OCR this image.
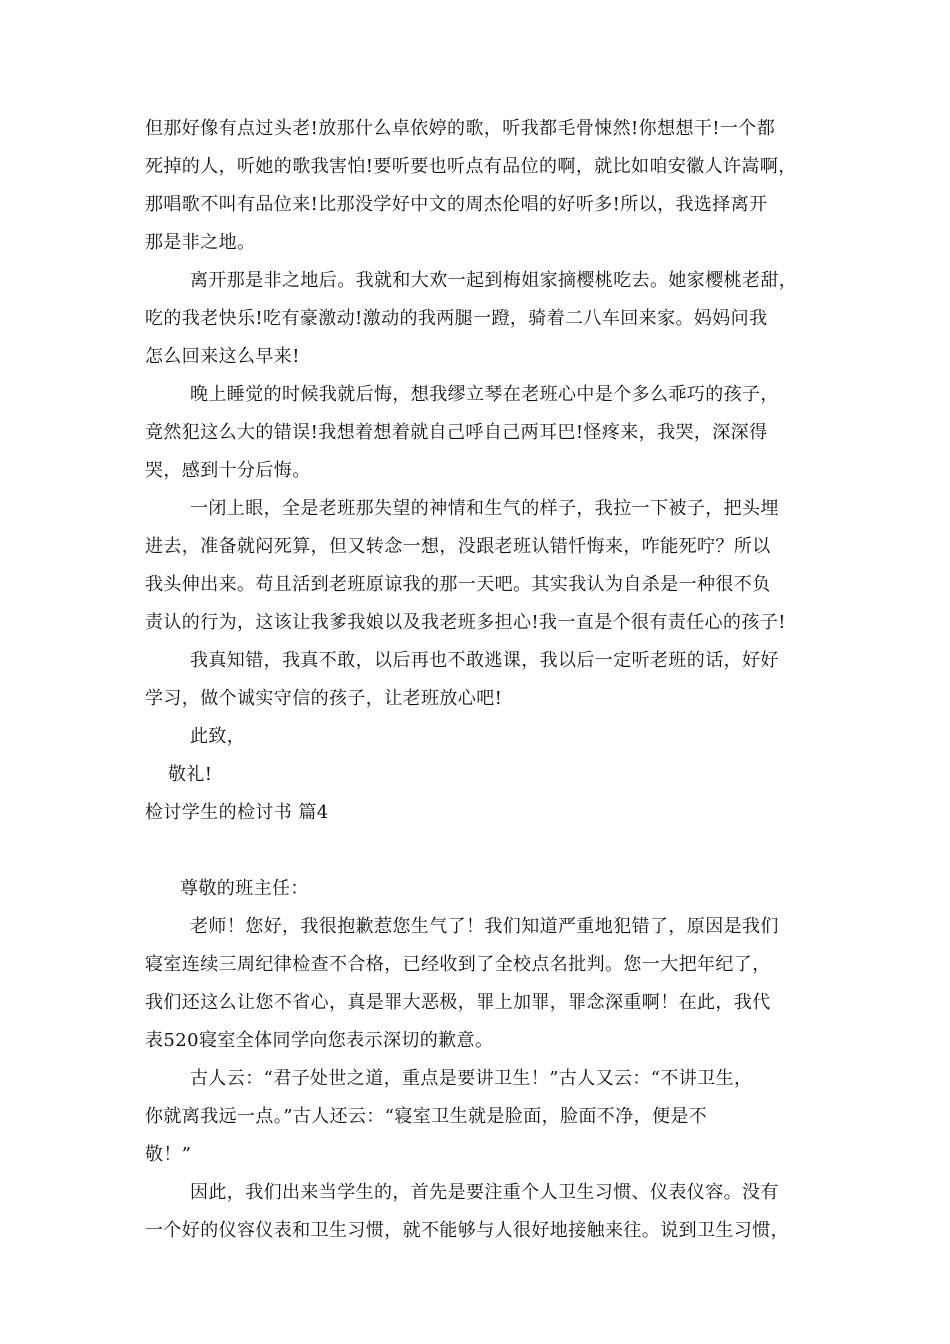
但那好像有点过头老!放那什么卓依婷的歌，听我都毛骨悚然!你想想干!一个都
死掉的人，听她的歌我害怕!要听要也听点有品位的啊，就比如咱安徽人许嵩啊，
那唱歌不叫有品位来!比那没学好中文的周杰伦唱的好听多!所以，我选择离开
那是非之地。
离开那是非之地后。我就和大欢一起到梅姐家摘樱桃吃去。她家樱桃老甜，
吃的我老快乐!吃有豪激动!激动的我两腿一蹬，骑着二八车回来家。妈妈问我
怎么回来这么早来!
晚上睡觉的时候我就后悔，想我缪立琴在老班心中是个多么乖巧的孩子，
竟然犯这么大的错误!我想着想着就自己呼自己两耳巴!怪疼来，我哭，深深得
哭，感到十分后悔。
一闭上眼，全是老班那失望的神情和生气的样子，我拉一下被子，把头埋
进去，准备就闷死算，但又转念一想，没跟老班认错忏悔来，咋能死咛？所以
我头伸出来。苟且活到老班原谅我的那一天吧。其实我认为自杀是一种很不负
责认的行为，这该让我爹我娘以及我老班多担心!我一直是个很有责任心的孩子!
我真知错，我真不敢，以后再也不敢逃课，我以后一定听老班的话，好好
学习，做个诚实守信的孩子，让老班放心吧!
此致，
敬礼!
检讨学生的检讨书 篇4
尊敬的班主任：
老师！您好，我很抱歉惹您生气了！我们知道严重地犯错了，原因是我们
寝室连续三周纪律检查不合格，已经收到了全校点名批判。您一大把年纪了，
我们还这么让您不省心，真是罪大恶极，罪上加罪，罪念深重啊！在此，我代
表520寝室全体同学向您表示深切的歉意。
古人云：“君子处世之道，重点是要讲卫生！”古人又云：“不讲卫生，
你就离我远一点。”古人还云：“寝室卫生就是脸面，脸面不净，便是不
敬！”
因此，我们出来当学生的，首先是要注重个人卫生习惯、仪表仪容。没有
一个好的仪容仪表和卫生习惯，就不能够与人很好地接触来往。说到卫生习惯，
